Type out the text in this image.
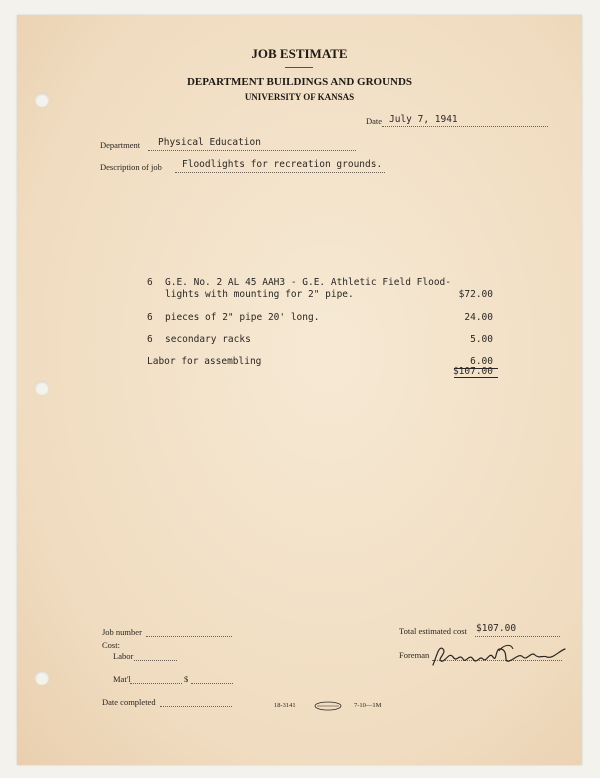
JOB ESTIMATE
DEPARTMENT BUILDINGS AND GROUNDS
UNIVERSITY OF KANSAS
Date July 7, 1941
Department Physical Education
Description of job Floodlights for recreation grounds.
6 G.E. No. 2 AL 45 AAH3 - G.E. Athletic Field Flood-
lights with mounting for 2" pipe.	$72.00
6 pieces of 2" pipe 20' long.	24.00
6 secondary racks	5.00
Labor for assembling	6.00
$107.00
Job number
Cost:
Labor
Mat'l	$
Date completed
Total estimated cost $107.00
Foreman
18-3141	7-10—1M
